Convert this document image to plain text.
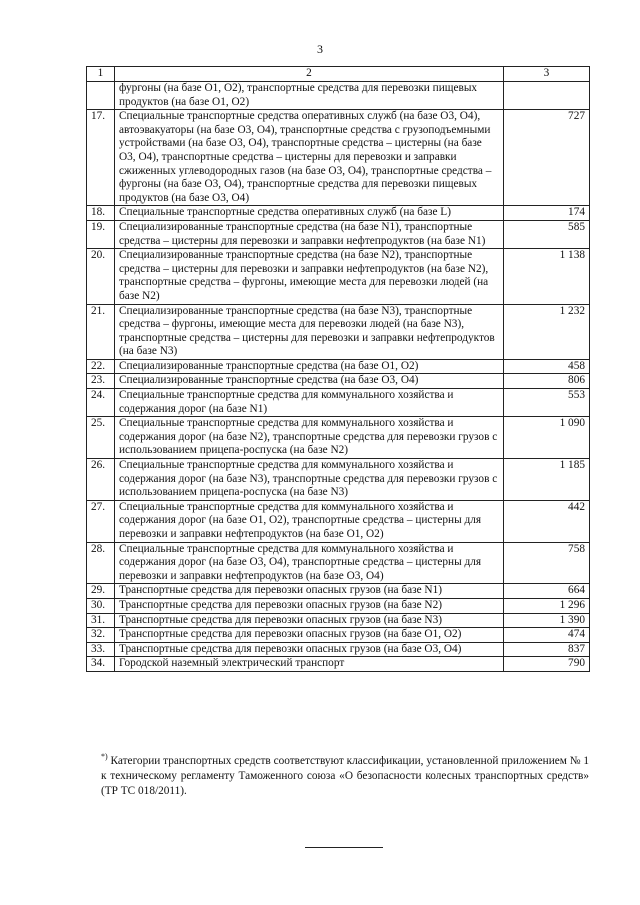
3
1	2	3
	фургоны (на базе O1, O2), транспортные средства для перевозки пищевых продуктов (на базе O1, O2)	
17.	Специальные транспортные средства оперативных служб (на базе O3, O4), автоэвакуаторы (на базе O3, O4), транспортные средства с грузоподъемными устройствами (на базе O3, O4), транспортные средства – цистерны (на базе O3, O4), транспортные средства – цистерны для перевозки и заправки сжиженных углеводородных газов (на базе O3, O4), транспортные средства – фургоны (на базе O3, O4), транспортные средства для перевозки пищевых продуктов (на базе O3, O4)	727
18.	Специальные транспортные средства оперативных служб (на базе L)	174
19.	Специализированные транспортные средства (на базе N1), транспортные средства – цистерны для перевозки и заправки нефтепродуктов (на базе N1)	585
20.	Специализированные транспортные средства (на базе N2), транспортные средства – цистерны для перевозки и заправки нефтепродуктов (на базе N2), транспортные средства – фургоны, имеющие места для перевозки людей (на базе N2)	1 138
21.	Специализированные транспортные средства (на базе N3), транспортные средства – фургоны, имеющие места для перевозки людей (на базе N3), транспортные средства – цистерны для перевозки и заправки нефтепродуктов (на базе N3)	1 232
22.	Специализированные транспортные средства (на базе O1, O2)	458
23.	Специализированные транспортные средства (на базе O3, O4)	806
24.	Специальные транспортные средства для коммунального хозяйства и содержания дорог (на базе N1)	553
25.	Специальные транспортные средства для коммунального хозяйства и содержания дорог (на базе N2), транспортные средства для перевозки грузов с использованием прицепа-роспуска (на базе N2)	1 090
26.	Специальные транспортные средства для коммунального хозяйства и содержания дорог (на базе N3), транспортные средства для перевозки грузов с использованием прицепа-роспуска (на базе N3)	1 185
27.	Специальные транспортные средства для коммунального хозяйства и содержания дорог (на базе O1, O2), транспортные средства – цистерны для перевозки и заправки нефтепродуктов (на базе O1, O2)	442
28.	Специальные транспортные средства для коммунального хозяйства и содержания дорог (на базе O3, O4), транспортные средства – цистерны для перевозки и заправки нефтепродуктов (на базе O3, O4)	758
29.	Транспортные средства для перевозки опасных грузов (на базе N1)	664
30.	Транспортные средства для перевозки опасных грузов (на базе N2)	1 296
31.	Транспортные средства для перевозки опасных грузов (на базе N3)	1 390
32.	Транспортные средства для перевозки опасных грузов (на базе O1, O2)	474
33.	Транспортные средства для перевозки опасных грузов (на базе O3, O4)	837
34.	Городской наземный электрический транспорт	790
*) Категории транспортных средств соответствуют классификации, установленной приложением № 1 к техническому регламенту Таможенного союза «О безопасности колесных транспортных средств» (ТР ТС 018/2011).
